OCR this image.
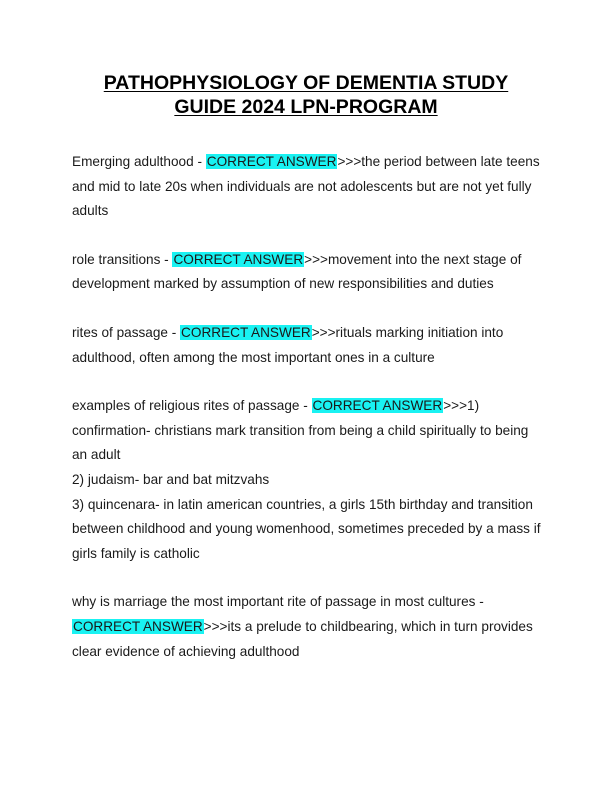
PATHOPHYSIOLOGY OF DEMENTIA STUDY
GUIDE 2024 LPN-PROGRAM

Emerging adulthood - CORRECT ANSWER>>>the period between late teens and mid to late 20s when individuals are not adolescents but are not yet fully adults

role transitions - CORRECT ANSWER>>>movement into the next stage of development marked by assumption of new responsibilities and duties

rites of passage - CORRECT ANSWER>>>rituals marking initiation into adulthood, often among the most important ones in a culture

examples of religious rites of passage - CORRECT ANSWER>>>1) confirmation- christians mark transition from being a child spiritually to being an adult
2) judaism- bar and bat mitzvahs
3) quincenara- in latin american countries, a girls 15th birthday and transition between childhood and young womenhood, sometimes preceded by a mass if girls family is catholic

why is marriage the most important rite of passage in most cultures - CORRECT ANSWER>>>its a prelude to childbearing, which in turn provides clear evidence of achieving adulthood
